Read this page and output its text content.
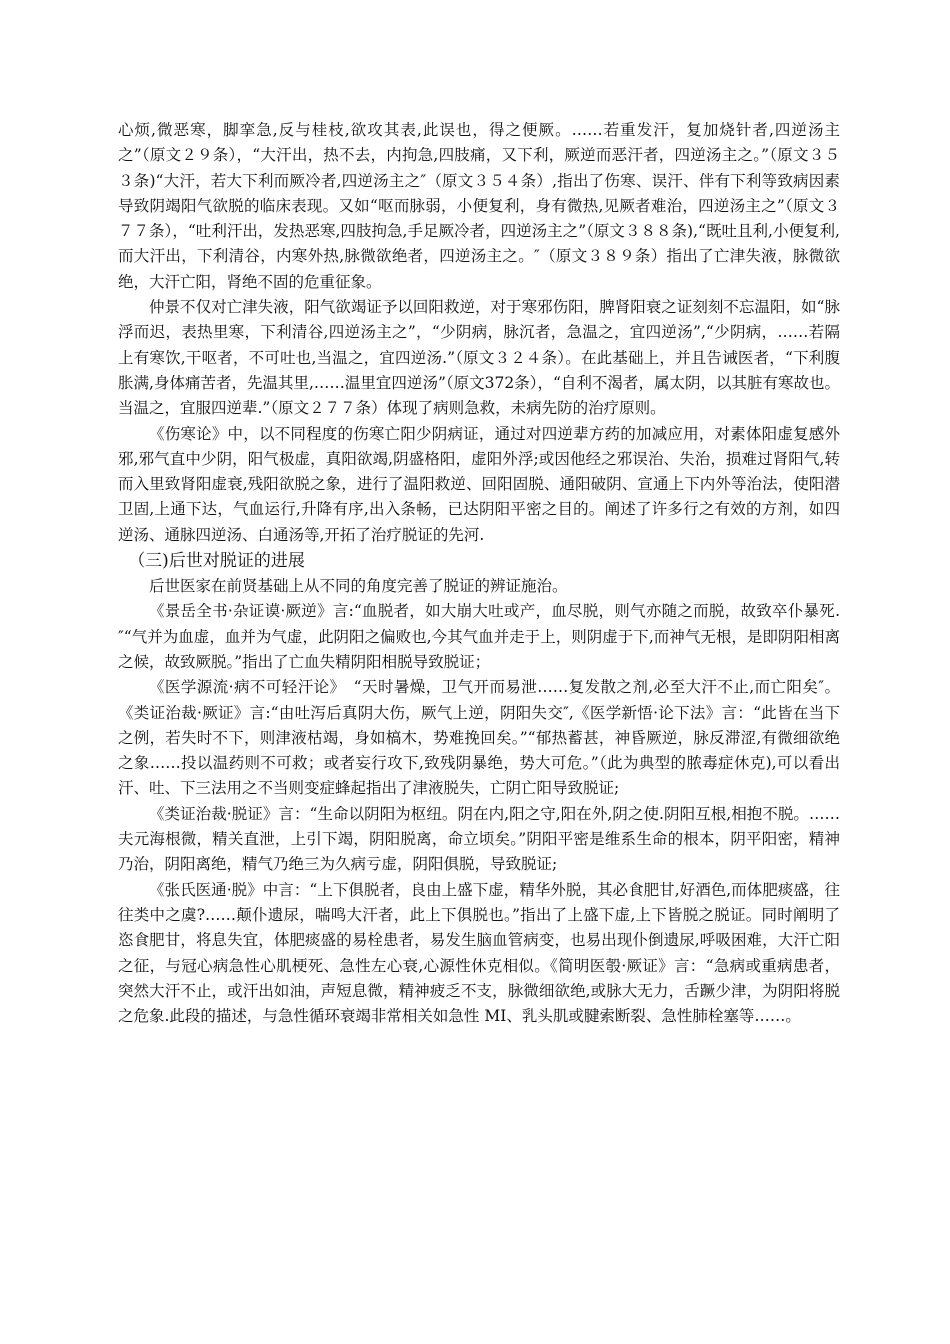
心烦,微恶寒，脚挛急,反与桂枝,欲攻其表,此误也，得之便厥。……若重发汗，复加烧针者,四逆汤主之”（原文２９条），“大汗出，热不去，内拘急,四肢痛，又下利，厥逆而恶汗者，四逆汤主之。”（原文３５３条)“大汗，若大下利而厥冷者,四逆汤主之″（原文３５４条）,指出了伤寒、误汗、伴有下利等致病因素导致阴竭阳气欲脱的临床表现。又如“呕而脉弱，小便复利，身有微热,见厥者难治，四逆汤主之”（原文３７７条），“吐利汗出，发热恶寒,四肢拘急,手足厥冷者，四逆汤主之”（原文３８８条),“既吐且利,小便复利,而大汗出，下利清谷，内寒外热,脉微欲绝者，四逆汤主之。″（原文３８９条）指出了亡津失液，脉微欲绝，大汗亡阳，肾绝不固的危重征象。

仲景不仅对亡津失液，阳气欲竭证予以回阳救逆，对于寒邪伤阳，脾肾阳衰之证刻刻不忘温阳，如“脉浮而迟，表热里寒，下利清谷,四逆汤主之”，“少阴病，脉沉者，急温之，宜四逆汤”,“少阴病，……若隔上有寒饮,干呕者，不可吐也,当温之，宜四逆汤.”（原文３２４条）。在此基础上，并且告诫医者，“下利腹胀满,身体痛苦者，先温其里,……温里宜四逆汤”（原文372条），“自利不渴者，属太阴，以其脏有寒故也。当温之，宜服四逆辈.”（原文２７７条）体现了病则急救，未病先防的治疗原则。

《伤寒论》中，以不同程度的伤寒亡阳少阴病证，通过对四逆辈方药的加减应用，对素体阳虚复感外邪,邪气直中少阴，阳气极虚，真阳欲竭,阴盛格阳，虚阳外浮;或因他经之邪误治、失治，损难过肾阳气,转而入里致肾阳虚衰,残阳欲脱之象，进行了温阳救逆、回阳固脱、通阳破阴、宣通上下内外等治法，使阳潜卫固,上通下达，气血运行,升降有序,出入条畅，已达阴阳平密之目的。阐述了许多行之有效的方剂，如四逆汤、通脉四逆汤、白通汤等,开拓了治疗脱证的先河.

（三)后世对脱证的进展

后世医家在前贤基础上从不同的角度完善了脱证的辨证施治。

《景岳全书·杂证谟·厥逆》言:“血脱者，如大崩大吐或产，血尽脱，则气亦随之而脱，故致卒仆暴死.″“气并为血虚，血并为气虚，此阴阳之偏败也,今其气血并走于上，则阴虚于下,而神气无根，是即阴阳相离之候，故致厥脱。”指出了亡血失精阴阳相脱导致脱证；

《医学源流·病不可轻汗论》　“天时暑燥，卫气开而易泄……复发散之剂,必至大汗不止,而亡阳矣″。《类证治裁·厥证》言:“由吐泻后真阴大伤，厥气上逆，阴阳失交″,《医学新悟·论下法》言：“此皆在当下之例，若失时不下，则津液枯竭，身如槁木，势难挽回矣。”“郁热蓄甚，神昏厥逆，脉反滞涩,有微细欲绝之象……投以温药则不可救；或者妄行攻下,致残阴暴绝，势大可危。”（此为典型的脓毒症休克),可以看出汗、吐、下三法用之不当则变症蜂起指出了津液脱失，亡阴亡阳导致脱证;

《类证治裁·脱证》言：“生命以阴阳为枢纽。阴在内,阳之守,阳在外,阴之使.阴阳互根,相抱不脱。……夫元海根微，精关直泄，上引下竭，阴阳脱离，命立顷矣。”阴阳平密是维系生命的根本，阴平阳密，精神乃治，阴阳离绝，精气乃绝三为久病亏虚，阴阳俱脱，导致脱证;

《张氏医通·脱》中言：“上下俱脱者，良由上盛下虚，精华外脱，其必食肥甘,好酒色,而体肥痰盛，往往类中之虞?……颠仆遗尿，喘鸣大汗者，此上下俱脱也。”指出了上盛下虚,上下皆脱之脱证。同时阐明了恣食肥甘，将息失宜，体肥痰盛的易栓患者，易发生脑血管病变，也易出现仆倒遗尿,呼吸困难，大汗亡阳之征，与冠心病急性心肌梗死、急性左心衰,心源性休克相似。《简明医彀·厥证》言：“急病或重病患者，突然大汗不止，或汗出如油，声短息微，精神疲乏不支，脉微细欲绝,或脉大无力，舌蹶少津，为阴阳将脱之危象.此段的描述，与急性循环衰竭非常相关如急性 MI、乳头肌或腱索断裂、急性肺栓塞等……。
